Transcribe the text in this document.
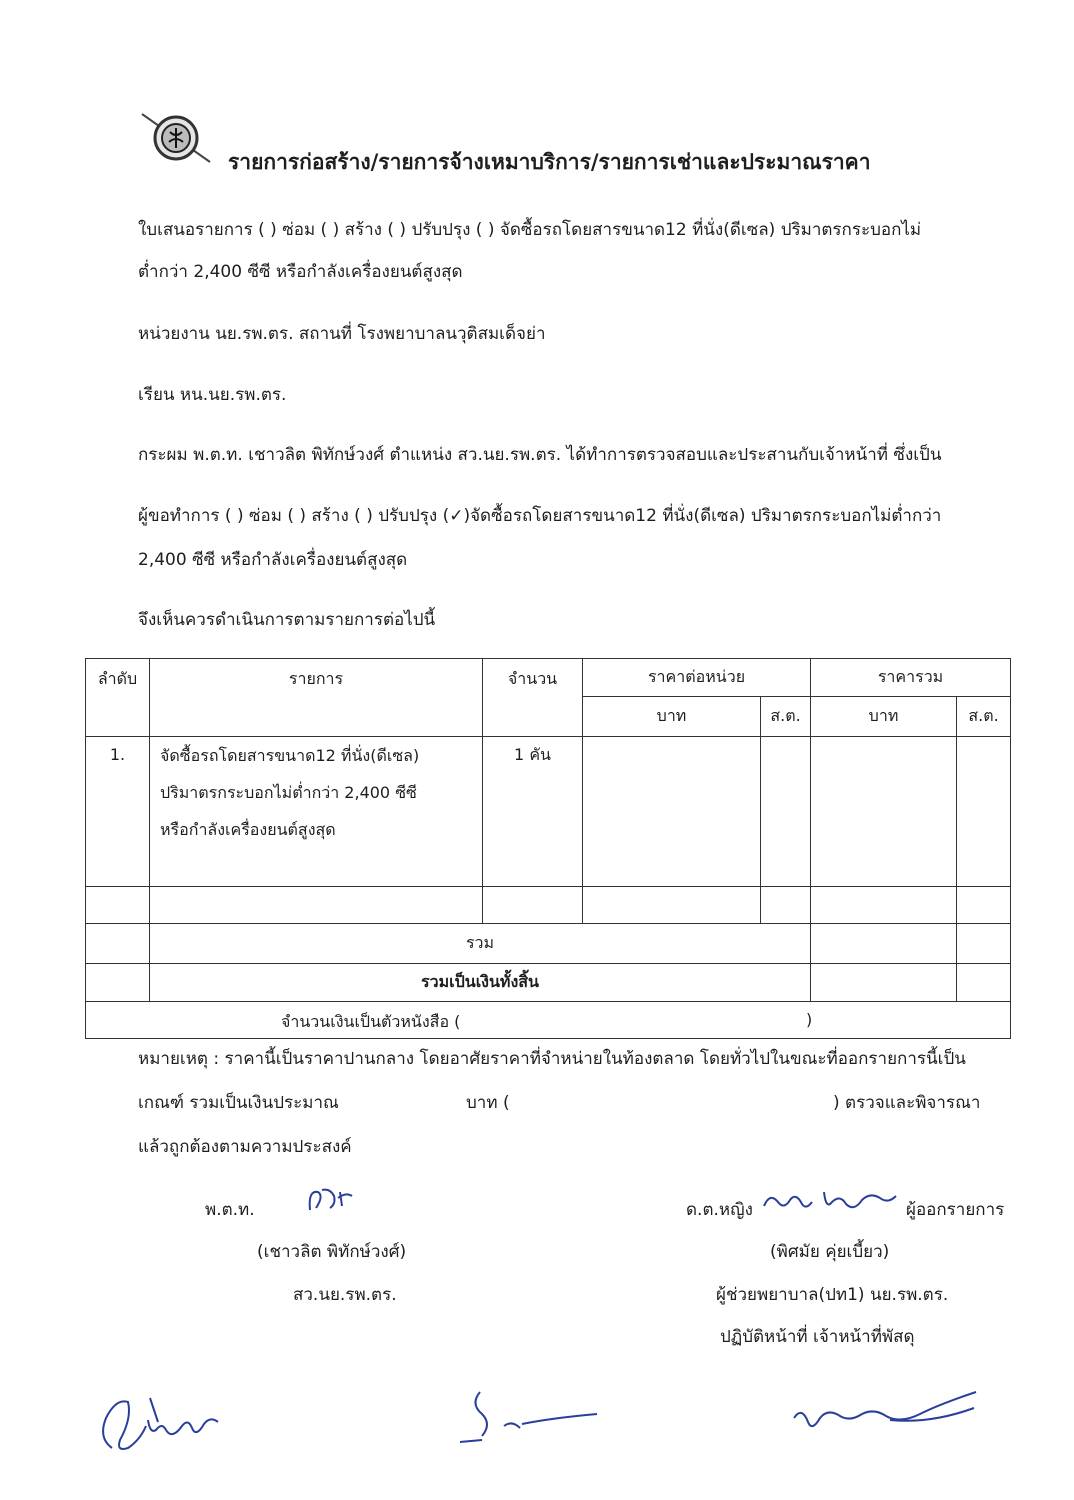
รายการก่อสร้าง/รายการจ้างเหมาบริการ/รายการเช่าและประมาณราคา
ใบเสนอรายการ ( ) ซ่อม ( ) สร้าง ( ) ปรับปรุง ( ) จัดซื้อรถโดยสารขนาด12 ที่นั่ง(ดีเซล) ปริมาตรกระบอกไม่
ต่ำกว่า 2,400 ซีซี หรือกำลังเครื่องยนต์สูงสุด
หน่วยงาน นย.รพ.ตร. สถานที่ โรงพยาบาลนวุติสมเด็จย่า
เรียน หน.นย.รพ.ตร.
กระผม พ.ต.ท. เชาวลิต พิทักษ์วงศ์ ตำแหน่ง สว.นย.รพ.ตร. ได้ทำการตรวจสอบและประสานกับเจ้าหน้าที่ ซึ่งเป็น
ผู้ขอทำการ ( ) ซ่อม ( ) สร้าง ( ) ปรับปรุง (✓)จัดซื้อรถโดยสารขนาด12 ที่นั่ง(ดีเซล) ปริมาตรกระบอกไม่ต่ำกว่า
2,400 ซีซี หรือกำลังเครื่องยนต์สูงสุด
จึงเห็นควรดำเนินการตามรายการต่อไปนี้
ลำดับ	รายการ	จำนวน	ราคาต่อหน่วย		ราคารวม	
			บาท	ส.ต.	บาท	ส.ต.
1.	จัดซื้อรถโดยสารขนาด12 ที่นั่ง(ดีเซล)
ปริมาตรกระบอกไม่ต่ำกว่า 2,400 ซีซี
หรือกำลังเครื่องยนต์สูงสุด	1 คัน				

	รวม					
	รวมเป็นเงินทั้งสิ้น					

จำนวนเงินเป็นตัวหนังสือ ( )						
หมายเหตุ : ราคานี้เป็นราคาปานกลาง โดยอาศัยราคาที่จำหน่ายในท้องตลาด โดยทั่วไปในขณะที่ออกรายการนี้เป็น
เกณฑ์ รวมเป็นเงินประมาณ	บาท (	) ตรวจและพิจารณา
แล้วถูกต้องตามความประสงค์
พ.ต.ท.
(เชาวลิต พิทักษ์วงศ์)
สว.นย.รพ.ตร.
ด.ต.หญิง	ผู้ออกรายการ
(พิศมัย คุ่ยเบี้ยว)
ผู้ช่วยพยาบาล(ปท1) นย.รพ.ตร.
ปฏิบัติหน้าที่ เจ้าหน้าที่พัสดุ
